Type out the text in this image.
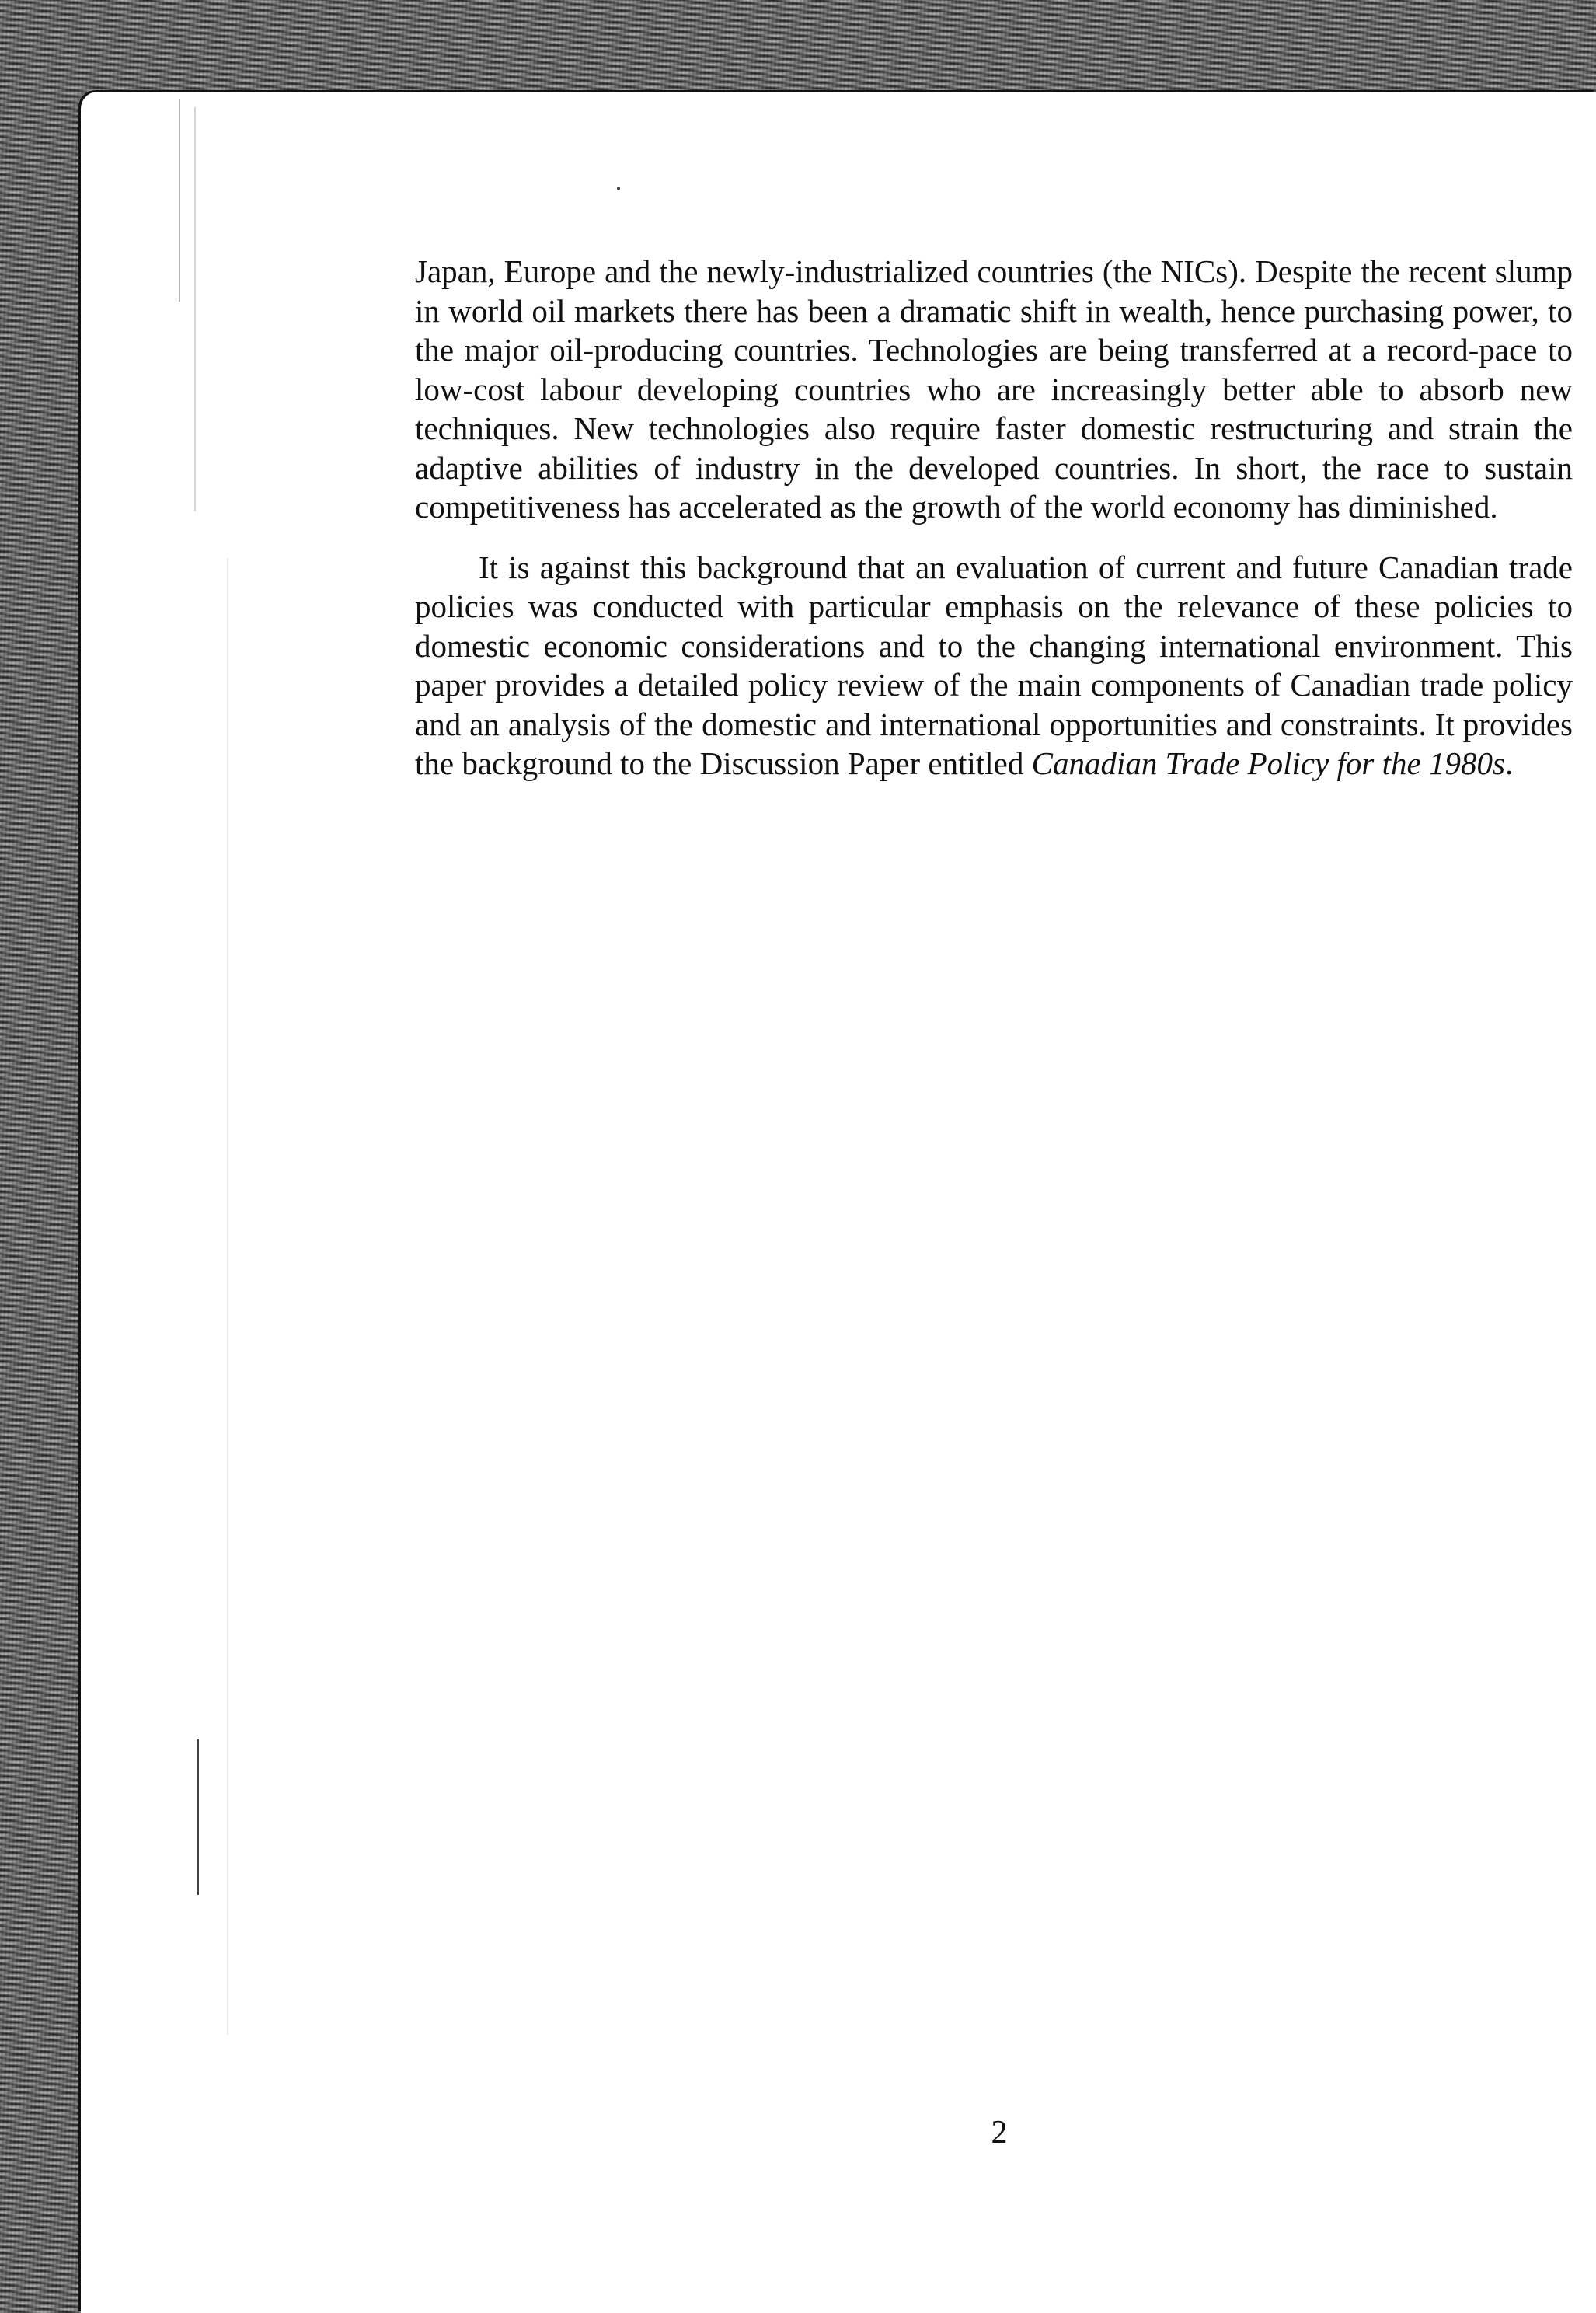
Japan, Europe and the newly-industrialized countries (the NICs). Despite the recent slump in world oil markets there has been a dramatic shift in wealth, hence purchasing power, to the major oil-producing countries. Technologies are being transferred at a record-pace to low-cost labour developing countries who are increasingly better able to absorb new techniques. New technologies also require faster domestic restructuring and strain the adaptive abilities of industry in the developed countries. In short, the race to sustain competitiveness has accelerated as the growth of the world economy has diminished.

It is against this background that an evaluation of current and future Canadian trade policies was conducted with particular emphasis on the relevance of these policies to domestic economic considerations and to the changing international environment. This paper provides a detailed policy review of the main components of Canadian trade policy and an analysis of the domestic and international opportunities and constraints. It provides the background to the Discussion Paper entitled Canadian Trade Policy for the 1980s.

2
